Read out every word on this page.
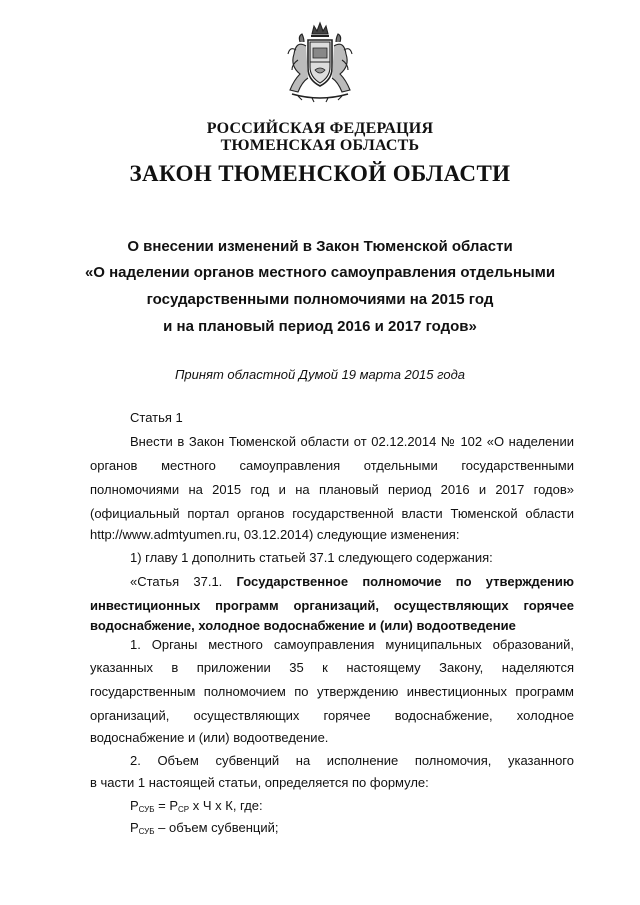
РОССИЙСКАЯ ФЕДЕРАЦИЯ
ТЮМЕНСКАЯ ОБЛАСТЬ
ЗАКОН ТЮМЕНСКОЙ ОБЛАСТИ
О внесении изменений в Закон Тюменской области
«О наделении органов местного самоуправления отдельными
государственными полномочиями на 2015 год
и на плановый период 2016 и 2017 годов»
Принят областной Думой 19 марта 2015 года
Статья 1
Внести в Закон Тюменской области от 02.12.2014 № 102 «О наделении
органов местного самоуправления отдельными государственными
полномочиями на 2015 год и на плановый период 2016 и 2017 годов»
(официальный портал органов государственной власти Тюменской области
http://www.admtyumen.ru, 03.12.2014) следующие изменения:
1) главу 1 дополнить статьей 37.1 следующего содержания:
«Статья 37.1. Государственное полномочие по утверждению
инвестиционных программ организаций, осуществляющих горячее
водоснабжение, холодное водоснабжение и (или) водоотведение
1. Органы местного самоуправления муниципальных образований,
указанных в приложении 35 к настоящему Закону, наделяются
государственным полномочием по утверждению инвестиционных программ
организаций, осуществляющих горячее водоснабжение, холодное
водоснабжение и (или) водоотведение.
2. Объем субвенций на исполнение полномочия, указанного
в части 1 настоящей статьи, определяется по формуле:
$Р_{СУБ} = Р_{СР}$ х Ч х К, где:
$Р_{СУБ}$ – объем субвенций;
